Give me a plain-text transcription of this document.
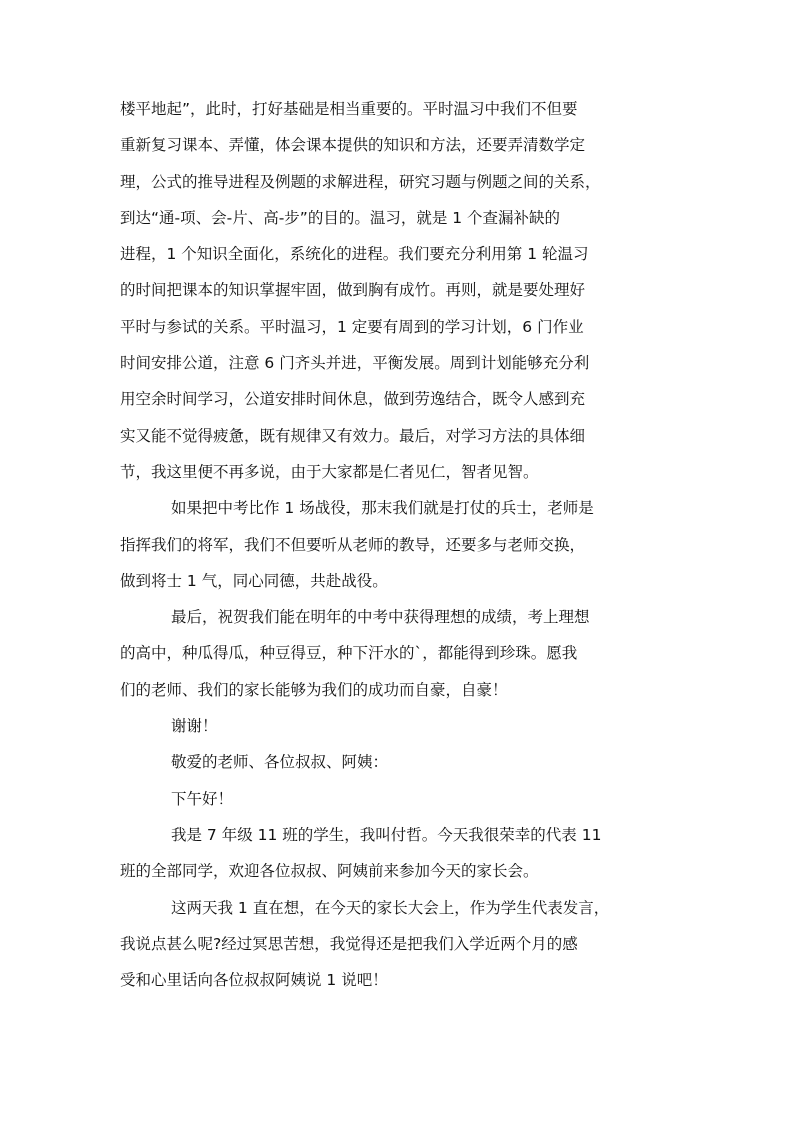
楼平地起”，此时，打好基础是相当重要的。平时温习中我们不但要
重新复习课本、弄懂，体会课本提供的知识和方法，还要弄清数学定
理，公式的推导进程及例题的求解进程，研究习题与例题之间的关系，
到达“通-项、会-片、高-步”的目的。温习，就是 1 个查漏补缺的
进程，1 个知识全面化，系统化的进程。我们要充分利用第 1 轮温习
的时间把课本的知识掌握牢固，做到胸有成竹。再则，就是要处理好
平时与参试的关系。平时温习，1 定要有周到的学习计划，6 门作业
时间安排公道，注意 6 门齐头并进，平衡发展。周到计划能够充分利
用空余时间学习，公道安排时间休息，做到劳逸结合，既令人感到充
实又能不觉得疲惫，既有规律又有效力。最后，对学习方法的具体细
节，我这里便不再多说，由于大家都是仁者见仁，智者见智。
如果把中考比作 1 场战役，那末我们就是打仗的兵士，老师是
指挥我们的将军，我们不但要听从老师的教导，还要多与老师交换，
做到将士 1 气，同心同德，共赴战役。
最后，祝贺我们能在明年的中考中获得理想的成绩，考上理想
的高中，种瓜得瓜，种豆得豆，种下汗水的`，都能得到珍珠。愿我
们的老师、我们的家长能够为我们的成功而自豪，自豪！
谢谢！
敬爱的老师、各位叔叔、阿姨：
下午好！
我是 7 年级 11 班的学生，我叫付哲。今天我很荣幸的代表 11
班的全部同学，欢迎各位叔叔、阿姨前来参加今天的家长会。
这两天我 1 直在想，在今天的家长大会上，作为学生代表发言，
我说点甚么呢?经过冥思苦想，我觉得还是把我们入学近两个月的感
受和心里话向各位叔叔阿姨说 1 说吧！
